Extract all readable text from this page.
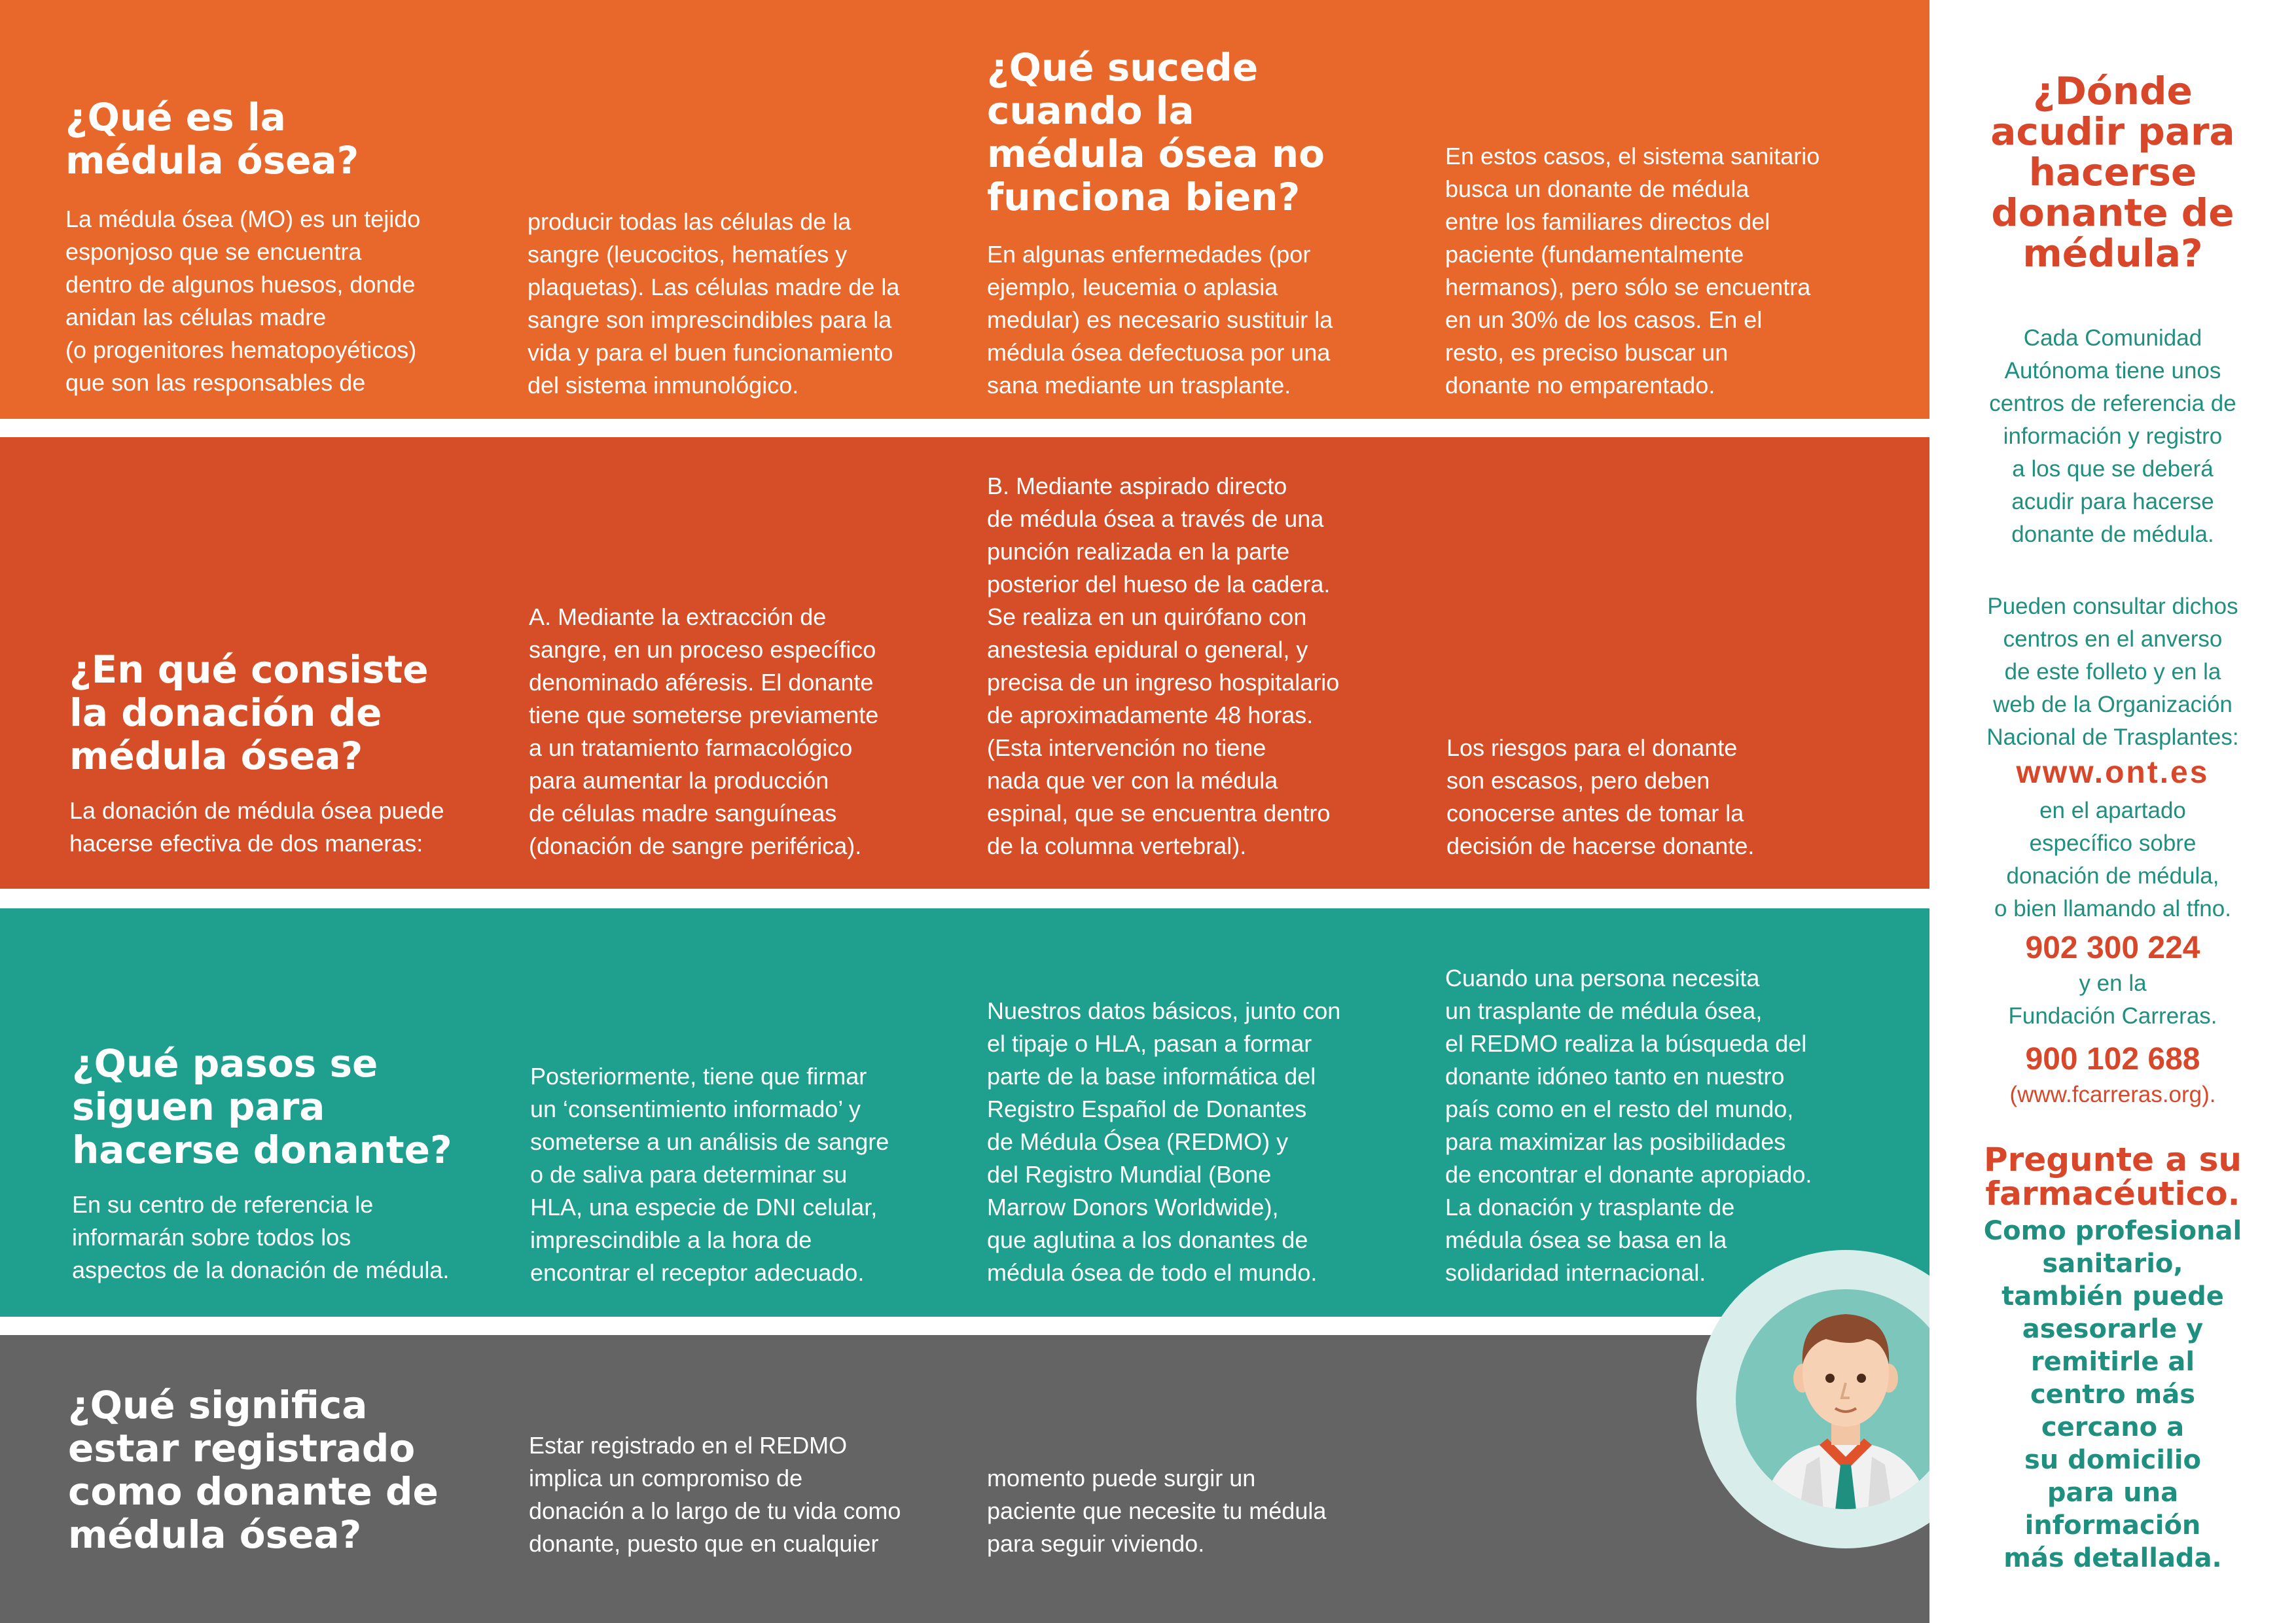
¿Qué es la
médula ósea?
La médula ósea (MO) es un tejido
esponjoso que se encuentra
dentro de algunos huesos, donde
anidan las células madre
(o progenitores hematopoyéticos)
que son las responsables de
producir todas las células de la
sangre (leucocitos, hematíes y
plaquetas). Las células madre de la
sangre son imprescindibles para la
vida y para el buen funcionamiento
del sistema inmunológico.
¿Qué sucede
cuando la
médula ósea no
funciona bien?
En algunas enfermedades (por
ejemplo, leucemia o aplasia
medular) es necesario sustituir la
médula ósea defectuosa por una
sana mediante un trasplante.
En estos casos, el sistema sanitario
busca un donante de médula
entre los familiares directos del
paciente (fundamentalmente
hermanos), pero sólo se encuentra
en un 30% de los casos. En el
resto, es preciso buscar un
donante no emparentado.
¿En qué consiste
la donación de
médula ósea?
La donación de médula ósea puede
hacerse efectiva de dos maneras:
A. Mediante la extracción de
sangre, en un proceso específico
denominado aféresis. El donante
tiene que someterse previamente
a un tratamiento farmacológico
para aumentar la producción
de células madre sanguíneas
(donación de sangre periférica).
B. Mediante aspirado directo
de médula ósea a través de una
punción realizada en la parte
posterior del hueso de la cadera.
Se realiza en un quirófano con
anestesia epidural o general, y
precisa de un ingreso hospitalario
de aproximadamente 48 horas.
(Esta intervención no tiene
nada que ver con la médula
espinal, que se encuentra dentro
de la columna vertebral).
Los riesgos para el donante
son escasos, pero deben
conocerse antes de tomar la
decisión de hacerse donante.
¿Qué pasos se
siguen para
hacerse donante?
En su centro de referencia le
informarán sobre todos los
aspectos de la donación de médula.
Posteriormente, tiene que firmar
un ‘consentimiento informado’ y
someterse a un análisis de sangre
o de saliva para determinar su
HLA, una especie de DNI celular,
imprescindible a la hora de
encontrar el receptor adecuado.
Nuestros datos básicos, junto con
el tipaje o HLA, pasan a formar
parte de la base informática del
Registro Español de Donantes
de Médula Ósea (REDMO) y
del Registro Mundial (Bone
Marrow Donors Worldwide),
que aglutina a los donantes de
médula ósea de todo el mundo.
Cuando una persona necesita
un trasplante de médula ósea,
el REDMO realiza la búsqueda del
donante idóneo tanto en nuestro
país como en el resto del mundo,
para maximizar las posibilidades
de encontrar el donante apropiado.
La donación y trasplante de
médula ósea se basa en la
solidaridad internacional.
¿Qué significa
estar registrado
como donante de
médula ósea?
Estar registrado en el REDMO
implica un compromiso de
donación a lo largo de tu vida como
donante, puesto que en cualquier
momento puede surgir un
paciente que necesite tu médula
para seguir viviendo.
¿Dónde
acudir para
hacerse
donante de
médula?
Cada Comunidad
Autónoma tiene unos
centros de referencia de
información y registro
a los que se deberá
acudir para hacerse
donante de médula.
Pueden consultar dichos
centros en el anverso
de este folleto y en la
web de la Organización
Nacional de Trasplantes:
www.ont.es
en el apartado
específico sobre
donación de médula,
o bien llamando al tfno.
902 300 224
y en la
Fundación Carreras.
900 102 688
(www.fcarreras.org).
Pregunte a su
farmacéutico.
Como profesional
sanitario,
también puede
asesorarle y
remitirle al
centro más
cercano a
su domicilio
para una
información
más detallada.
